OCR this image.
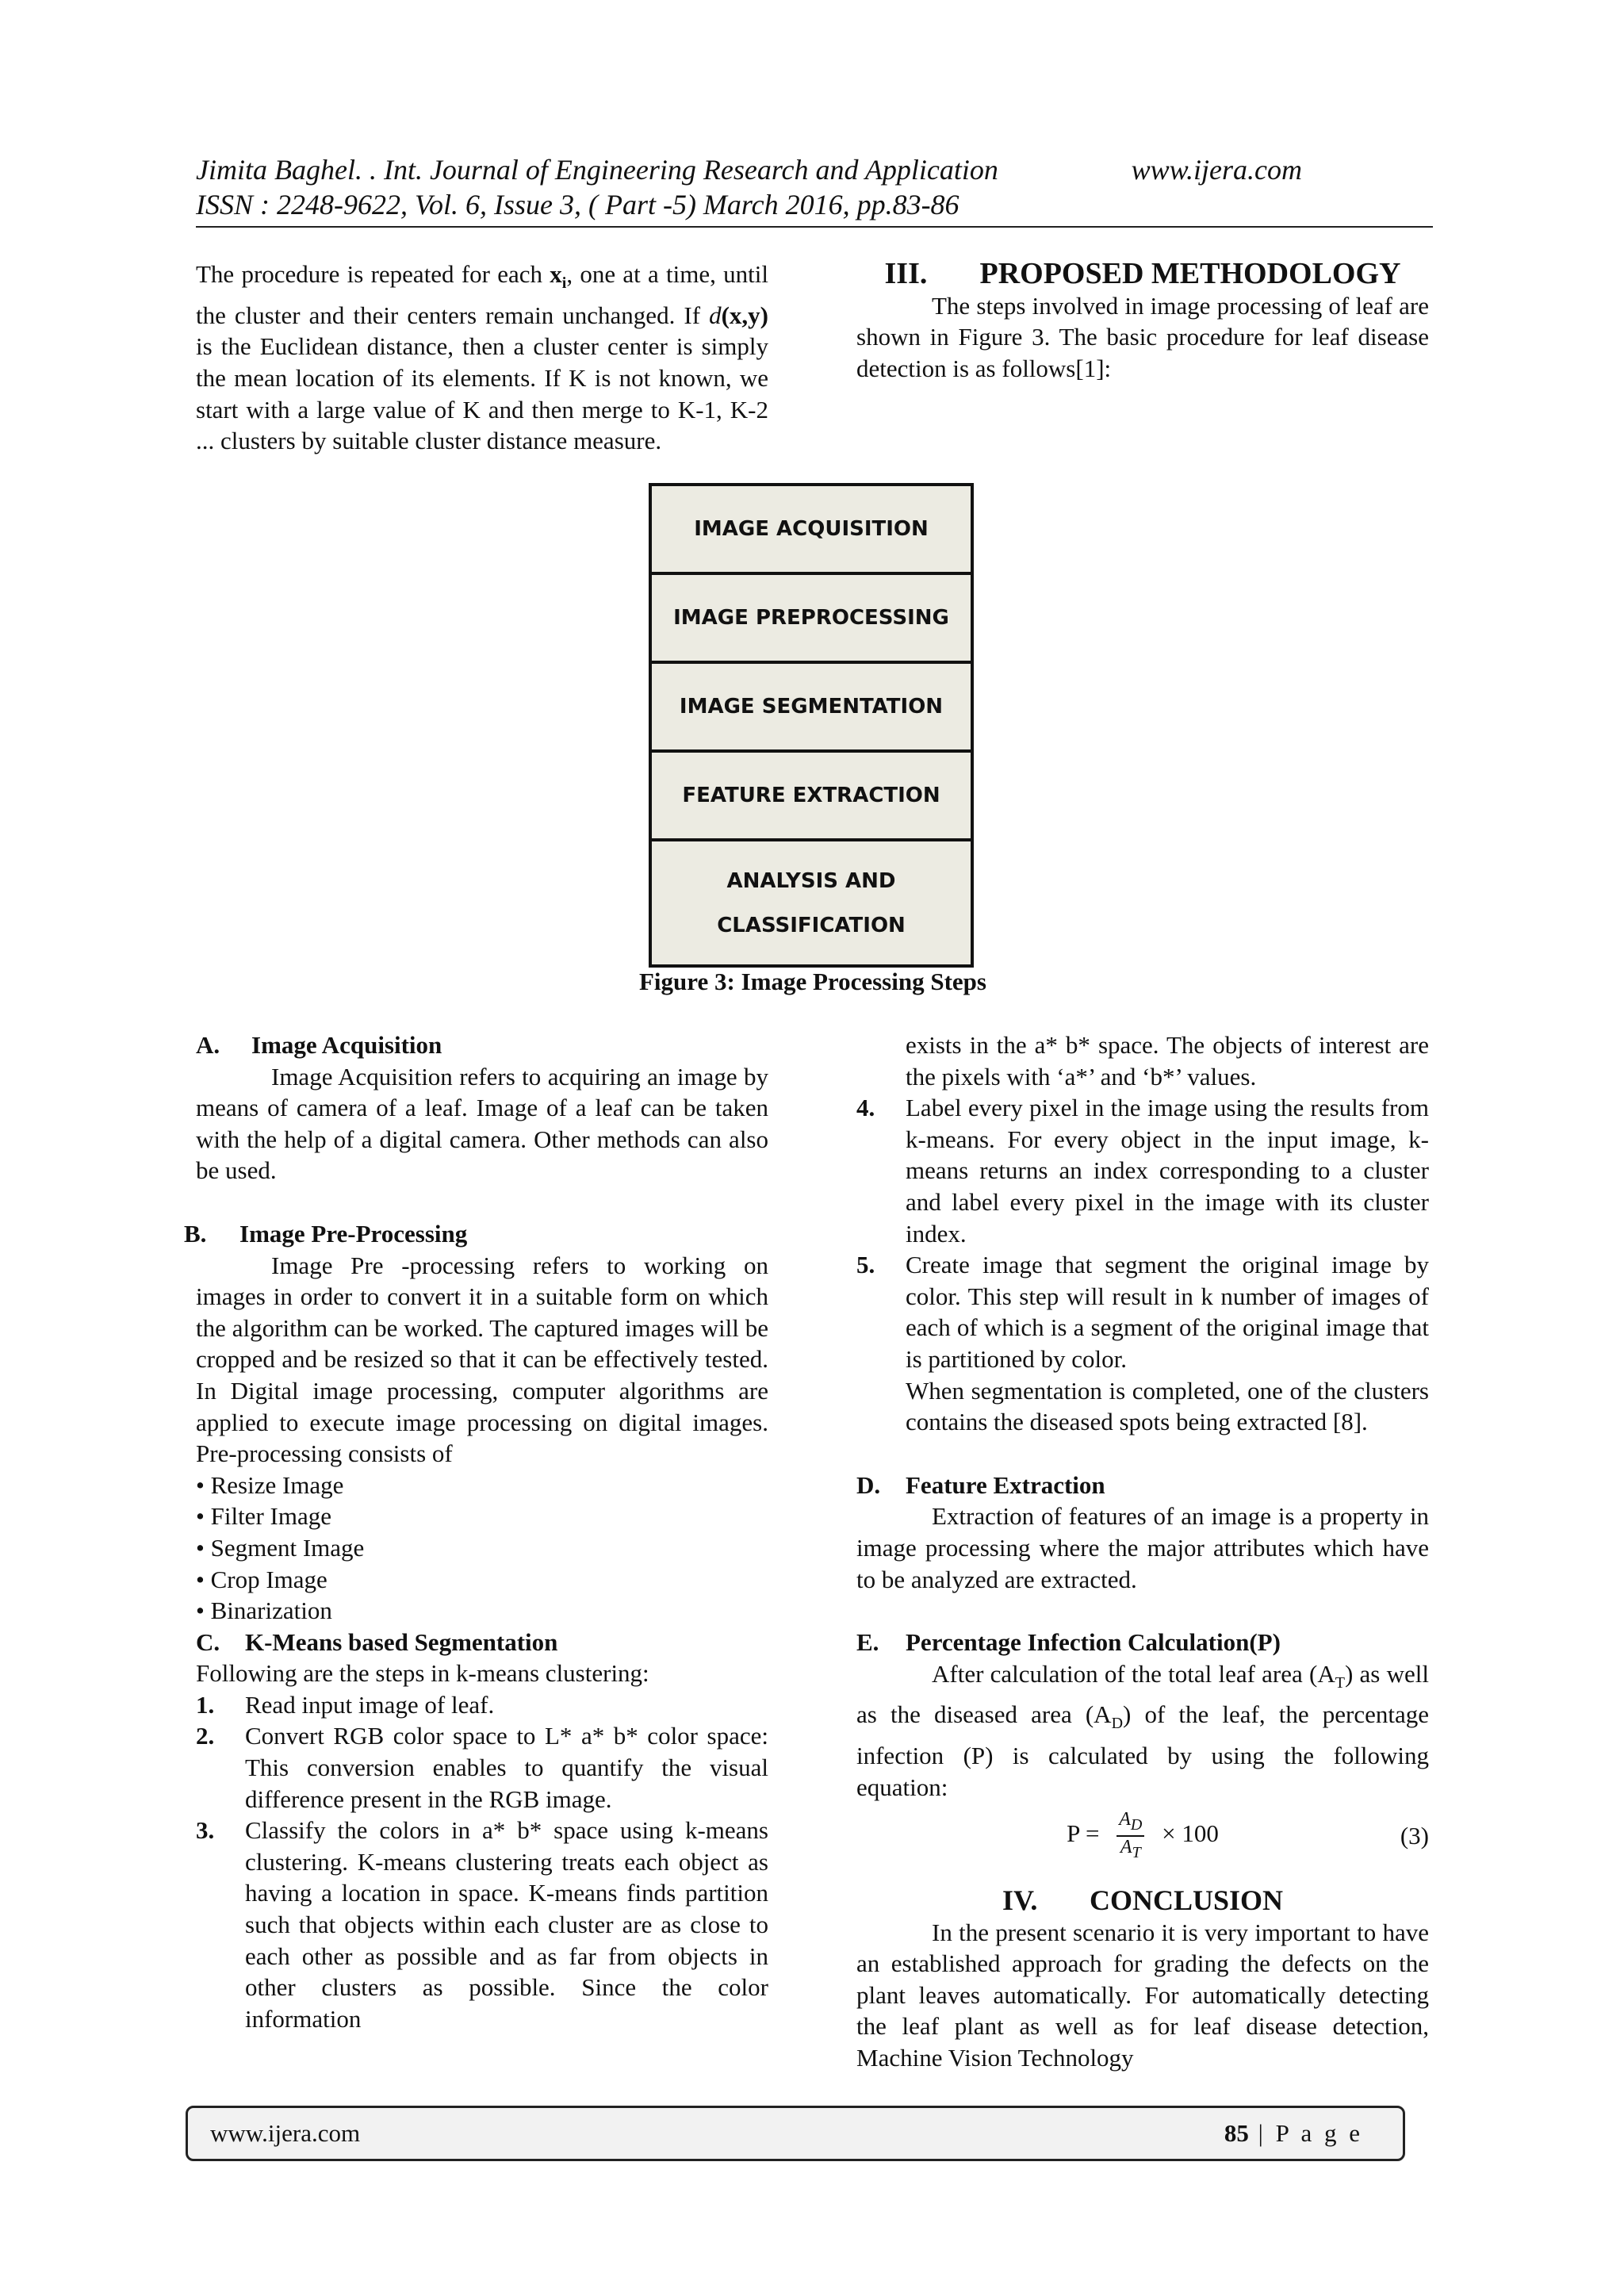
Jimita Baghel. . Int. Journal of Engineering Research and Application	www.ijera.com
ISSN : 2248-9622, Vol. 6, Issue 3, ( Part -5) March 2016, pp.83-86

The procedure is repeated for each $x_i$, one at a time, until the cluster and their centers remain unchanged. If d(x,y) is the Euclidean distance, then a cluster center is simply the mean location of its elements. If K is not known, we start with a large value of K and then merge to K-1, K-2 ... clusters by suitable cluster distance measure.

III. PROPOSED METHODOLOGY

The steps involved in image processing of leaf are shown in Figure 3. The basic procedure for leaf disease detection is as follows[1]:

IMAGE ACQUISITION
IMAGE PREPROCESSING
IMAGE SEGMENTATION
FEATURE EXTRACTION
ANALYSIS AND
CLASSIFICATION
Figure 3: Image Processing Steps
A. Image Acquisition

Image Acquisition refers to acquiring an image by means of camera of a leaf. Image of a leaf can be taken with the help of a digital camera. Other methods can also be used.

B. Image Pre-Processing

Image Pre -processing refers to working on images in order to convert it in a suitable form on which the algorithm can be worked. The captured images will be cropped and be resized so that it can be effectively tested. In Digital image processing, computer algorithms are applied to execute image processing on digital images. Pre-processing consists of

• Resize Image
• Filter Image
• Segment Image
• Crop Image
• Binarization
C. K-Means based Segmentation

Following are the steps in k-means clustering:

1.	Read input image of leaf.
2.	Convert RGB color space to L* a* b* color space: This conversion enables to quantify the visual difference present in the RGB image.
3.	Classify the colors in a* b* space using k-means clustering. K-means clustering treats each object as having a location in space. K-means finds partition such that objects within each cluster are as close to each other as possible and as far from objects in other clusters as possible. Since the color information
exists in the a* b* space. The objects of interest are the pixels with ‘a*’ and ‘b*’ values.
4.	Label every pixel in the image using the results from k-means. For every object in the input image, k-means returns an index corresponding to a cluster and label every pixel in the image with its cluster index.
5.	Create image that segment the original image by color. This step will result in k number of images of each of which is a segment of the original image that is partitioned by color.
When segmentation is completed, one of the clusters contains the diseased spots being extracted [8].
D. Feature Extraction

Extraction of features of an image is a property in image processing where the major attributes which have to be analyzed are extracted.

E. Percentage Infection Calculation(P)

After calculation of the total leaf area $(A_T)$ as well as the diseased area $(A_D)$ of the leaf, the percentage infection (P) is calculated by using the following equation:

$P = \frac{A_D}{A_T} \times 100$	(3)
IV. CONCLUSION

In the present scenario it is very important to have an established approach for grading the defects on the plant leaves automatically. For automatically detecting the leaf plant as well as for leaf disease detection, Machine Vision Technology

www.ijera.com	85 | P a g e
